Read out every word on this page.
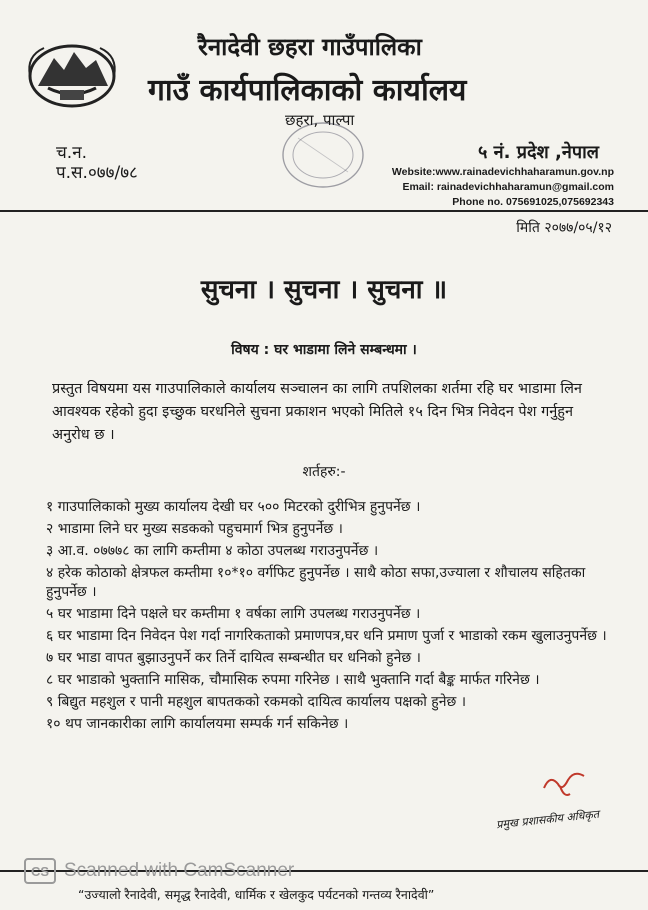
रैनादेवी छहरा गाउँपालिका
गाउँ कार्यपालिकाको कार्यालय
छहरा, पाल्पा
च.न.
प.स.०७७/७८
५ नं. प्रदेश ,नेपाल
Website:www.rainadevichhaharamun.gov.np
Email: rainadevichhaharamun@gmail.com
Phone no. 075691025,075692343
मिति २०७७/०५/१२
सुचना । सुचना । सुचना ॥
विषय : घर भाडामा लिने सम्बन्धमा ।
प्रस्तुत विषयमा यस गाउपालिकाले कार्यालय सञ्चालन का लागि तपशिलका शर्तमा रहि घर भाडामा लिन आवश्यक रहेको हुदा इच्छुक घरधनिले सुचना प्रकाशन भएको मितिले १५ दिन भित्र निवेदन पेश गर्नुहुन अनुरोध छ ।
शर्तहरु:-
१ गाउपालिकाको मुख्य कार्यालय देखी घर ५०० मिटरको दुरीभित्र हुनुपर्नेछ ।
२ भाडामा लिने घर मुख्य सडकको पहुचमार्ग भित्र हुनुपर्नेछ ।
३ आ.व. ०७७७८ का लागि कम्तीमा ४ कोठा उपलब्ध गराउनुपर्नेछ ।
४ हरेक कोठाको क्षेत्रफल कम्तीमा १०*१० वर्गफिट हुनुपर्नेछ । साथै कोठा सफा,उज्याला र शौचालय सहितका हुनुपर्नेछ ।
५ घर भाडामा दिने पक्षले घर कम्तीमा १ वर्षका लागि उपलब्ध गराउनुपर्नेछ ।
६ घर भाडामा दिन निवेदन पेश गर्दा नागरिकताको प्रमाणपत्र,घर धनि प्रमाण पुर्जा र भाडाको रकम खुलाउनुपर्नेछ ।
७ घर भाडा वापत बुझाउनुपर्ने कर तिर्ने दायित्व सम्बन्धीत घर धनिको हुनेछ ।
८ घर भाडाको भुक्तानि मासिक, चौमासिक रुपमा गरिनेछ । साथै भुक्तानि गर्दा बैङ्क मार्फत गरिनेछ ।
९ बिद्युत महशुल र पानी महशुल बापतकको रकमको दायित्व कार्यालय पक्षको हुनेछ ।
१० थप जानकारीका लागि कार्यालयमा सम्पर्क गर्न सकिनेछ ।
प्रमुख प्रशासकीय अधिकृत
CS Scanned with CamScanner
“उज्यालो रैनादेवी, समृद्ध रैनादेवी, धार्मिक र खेलकुद पर्यटनको गन्तव्य रैनादेवी”
